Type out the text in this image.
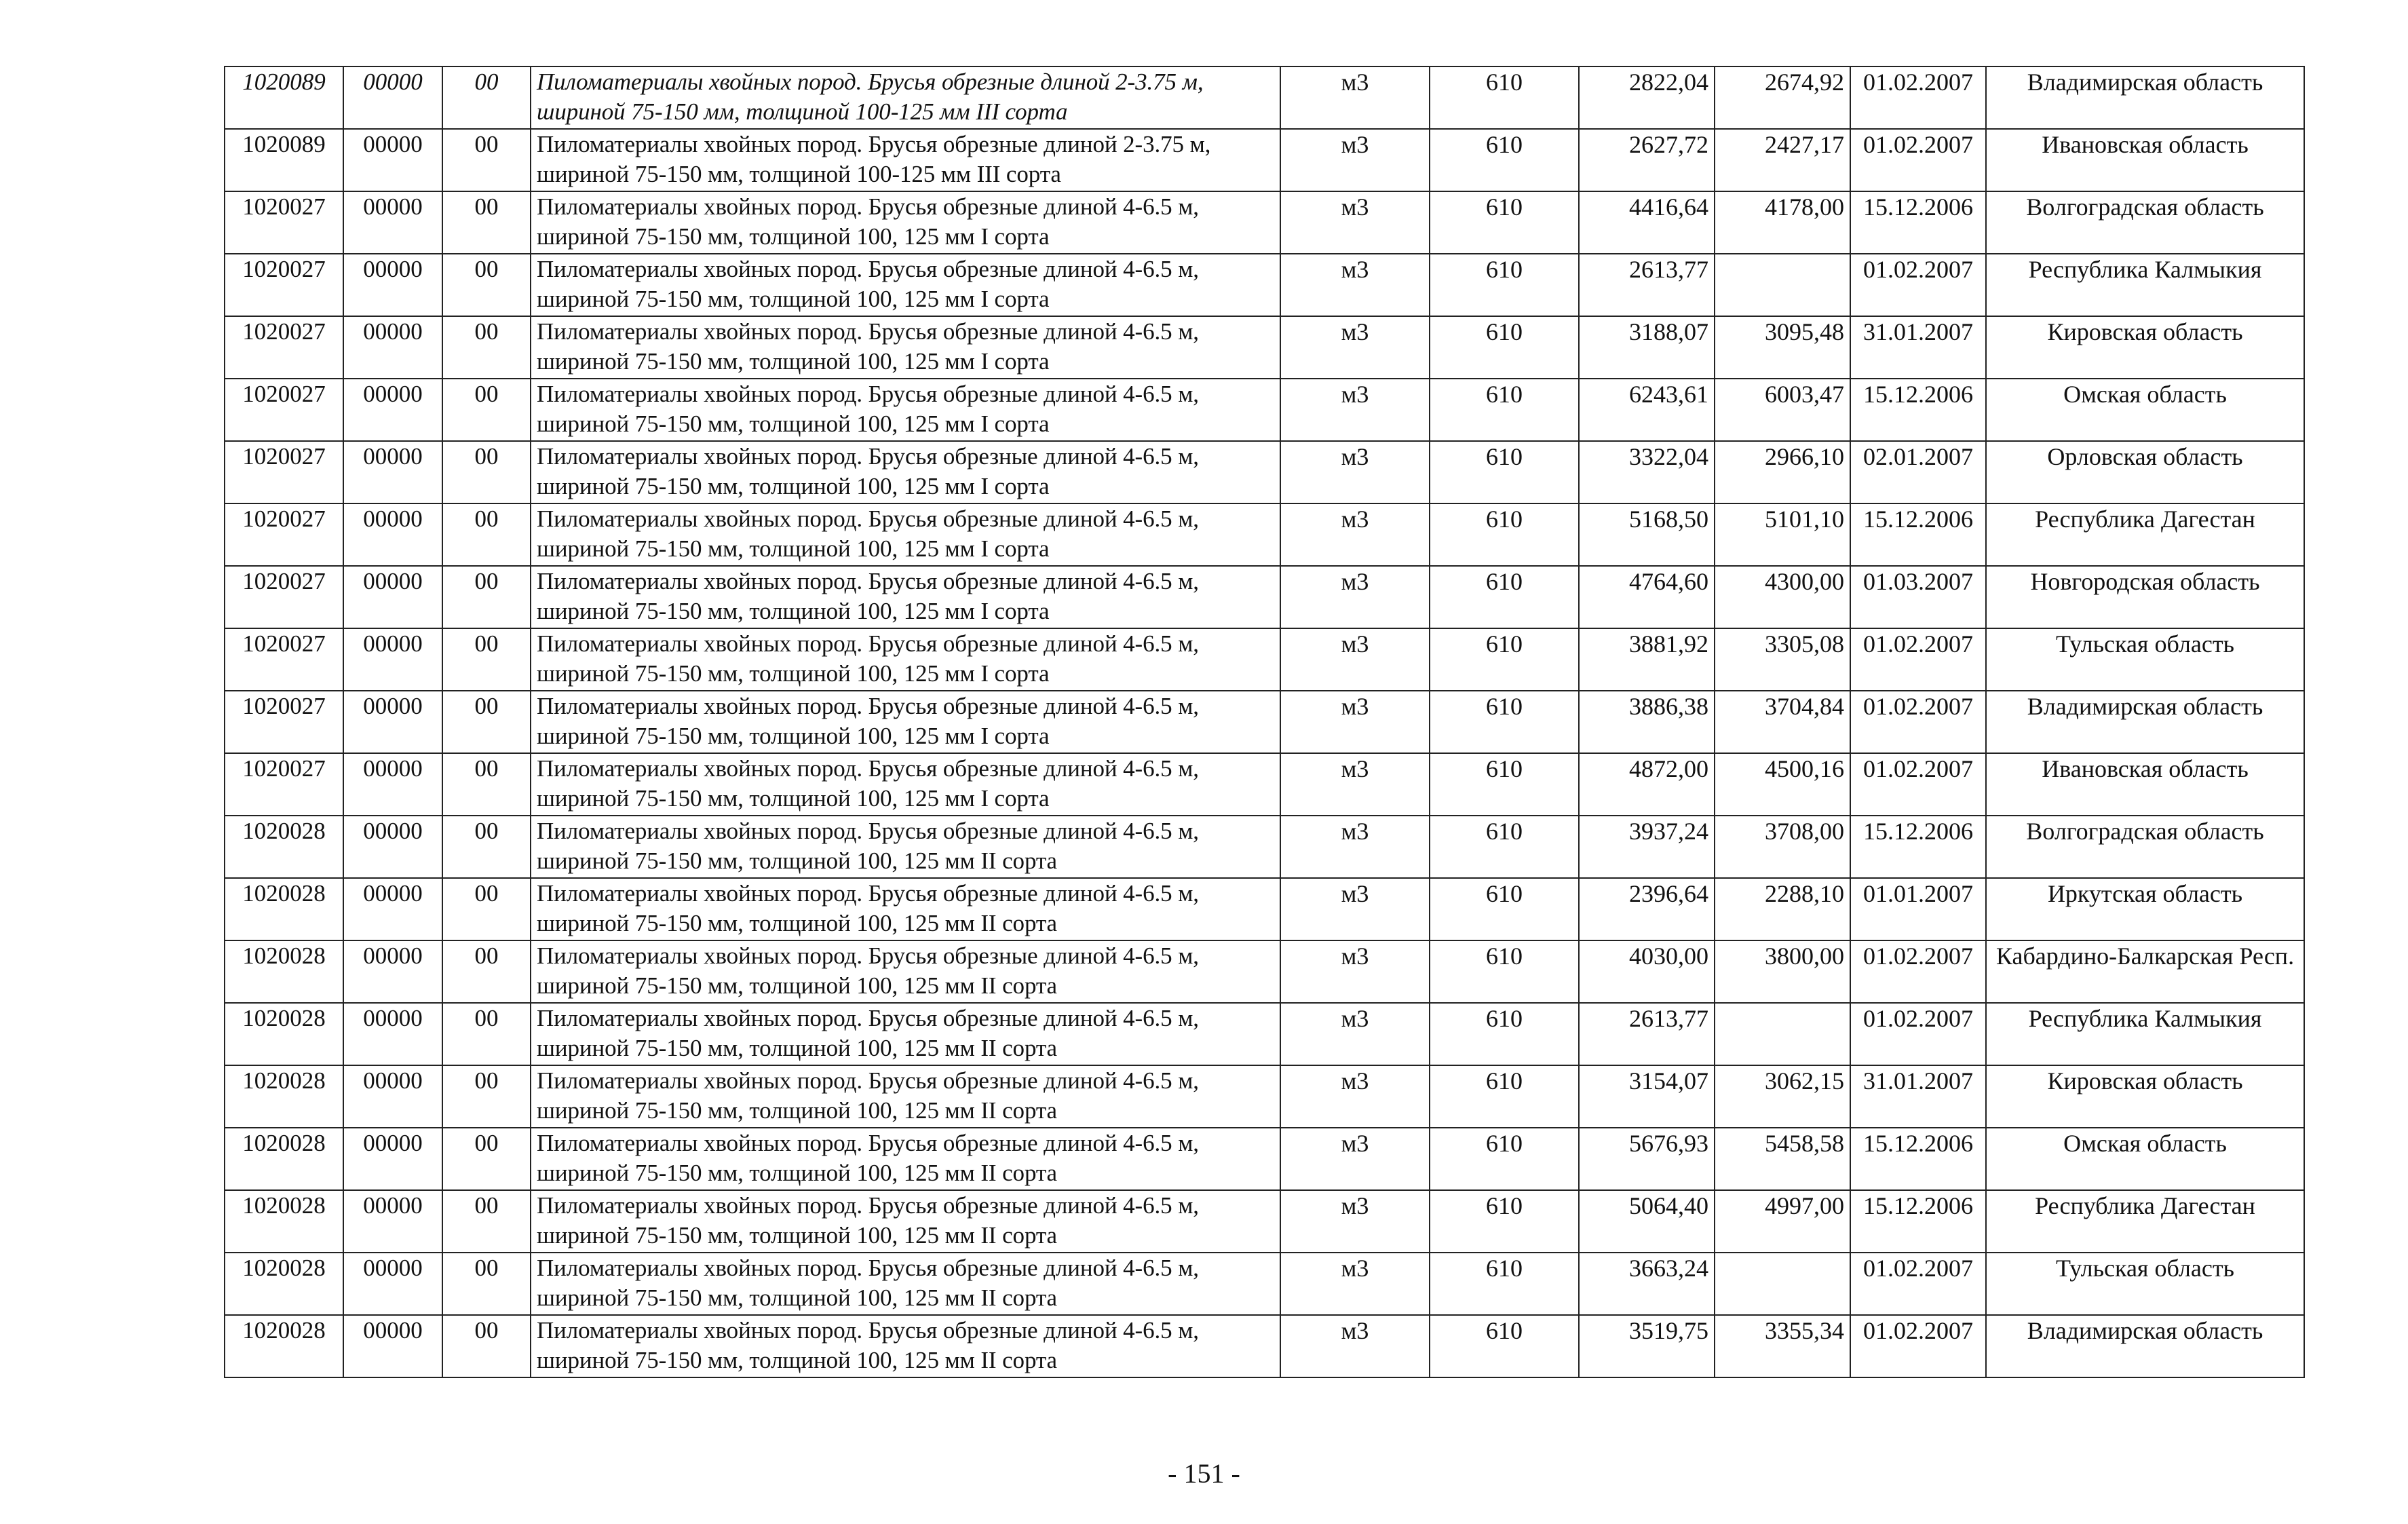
1020089	00000	00	Пиломатериалы хвойных пород. Брусья обрезные длиной 2-3.75 м, шириной 75-150 мм, толщиной 100-125 мм III сорта	м3	610	2822,04	2674,92	01.02.2007	Владимирская область
1020089	00000	00	Пиломатериалы хвойных пород. Брусья обрезные длиной 2-3.75 м, шириной 75-150 мм, толщиной 100-125 мм III сорта	м3	610	2627,72	2427,17	01.02.2007	Ивановская область
1020027	00000	00	Пиломатериалы хвойных пород. Брусья обрезные длиной 4-6.5 м, шириной 75-150 мм, толщиной 100, 125 мм I сорта	м3	610	4416,64	4178,00	15.12.2006	Волгоградская область
1020027	00000	00	Пиломатериалы хвойных пород. Брусья обрезные длиной 4-6.5 м, шириной 75-150 мм, толщиной 100, 125 мм I сорта	м3	610	2613,77		01.02.2007	Республика Калмыкия
1020027	00000	00	Пиломатериалы хвойных пород. Брусья обрезные длиной 4-6.5 м, шириной 75-150 мм, толщиной 100, 125 мм I сорта	м3	610	3188,07	3095,48	31.01.2007	Кировская область
1020027	00000	00	Пиломатериалы хвойных пород. Брусья обрезные длиной 4-6.5 м, шириной 75-150 мм, толщиной 100, 125 мм I сорта	м3	610	6243,61	6003,47	15.12.2006	Омская область
1020027	00000	00	Пиломатериалы хвойных пород. Брусья обрезные длиной 4-6.5 м, шириной 75-150 мм, толщиной 100, 125 мм I сорта	м3	610	3322,04	2966,10	02.01.2007	Орловская область
1020027	00000	00	Пиломатериалы хвойных пород. Брусья обрезные длиной 4-6.5 м, шириной 75-150 мм, толщиной 100, 125 мм I сорта	м3	610	5168,50	5101,10	15.12.2006	Республика Дагестан
1020027	00000	00	Пиломатериалы хвойных пород. Брусья обрезные длиной 4-6.5 м, шириной 75-150 мм, толщиной 100, 125 мм I сорта	м3	610	4764,60	4300,00	01.03.2007	Новгородская область
1020027	00000	00	Пиломатериалы хвойных пород. Брусья обрезные длиной 4-6.5 м, шириной 75-150 мм, толщиной 100, 125 мм I сорта	м3	610	3881,92	3305,08	01.02.2007	Тульская область
1020027	00000	00	Пиломатериалы хвойных пород. Брусья обрезные длиной 4-6.5 м, шириной 75-150 мм, толщиной 100, 125 мм I сорта	м3	610	3886,38	3704,84	01.02.2007	Владимирская область
1020027	00000	00	Пиломатериалы хвойных пород. Брусья обрезные длиной 4-6.5 м, шириной 75-150 мм, толщиной 100, 125 мм I сорта	м3	610	4872,00	4500,16	01.02.2007	Ивановская область
1020028	00000	00	Пиломатериалы хвойных пород. Брусья обрезные длиной 4-6.5 м, шириной 75-150 мм, толщиной 100, 125 мм II сорта	м3	610	3937,24	3708,00	15.12.2006	Волгоградская область
1020028	00000	00	Пиломатериалы хвойных пород. Брусья обрезные длиной 4-6.5 м, шириной 75-150 мм, толщиной 100, 125 мм II сорта	м3	610	2396,64	2288,10	01.01.2007	Иркутская область
1020028	00000	00	Пиломатериалы хвойных пород. Брусья обрезные длиной 4-6.5 м, шириной 75-150 мм, толщиной 100, 125 мм II сорта	м3	610	4030,00	3800,00	01.02.2007	Кабардино-Балкарская Респ.
1020028	00000	00	Пиломатериалы хвойных пород. Брусья обрезные длиной 4-6.5 м, шириной 75-150 мм, толщиной 100, 125 мм II сорта	м3	610	2613,77		01.02.2007	Республика Калмыкия
1020028	00000	00	Пиломатериалы хвойных пород. Брусья обрезные длиной 4-6.5 м, шириной 75-150 мм, толщиной 100, 125 мм II сорта	м3	610	3154,07	3062,15	31.01.2007	Кировская область
1020028	00000	00	Пиломатериалы хвойных пород. Брусья обрезные длиной 4-6.5 м, шириной 75-150 мм, толщиной 100, 125 мм II сорта	м3	610	5676,93	5458,58	15.12.2006	Омская область
1020028	00000	00	Пиломатериалы хвойных пород. Брусья обрезные длиной 4-6.5 м, шириной 75-150 мм, толщиной 100, 125 мм II сорта	м3	610	5064,40	4997,00	15.12.2006	Республика Дагестан
1020028	00000	00	Пиломатериалы хвойных пород. Брусья обрезные длиной 4-6.5 м, шириной 75-150 мм, толщиной 100, 125 мм II сорта	м3	610	3663,24		01.02.2007	Тульская область
1020028	00000	00	Пиломатериалы хвойных пород. Брусья обрезные длиной 4-6.5 м, шириной 75-150 мм, толщиной 100, 125 мм II сорта	м3	610	3519,75	3355,34	01.02.2007	Владимирская область
- 151 -
